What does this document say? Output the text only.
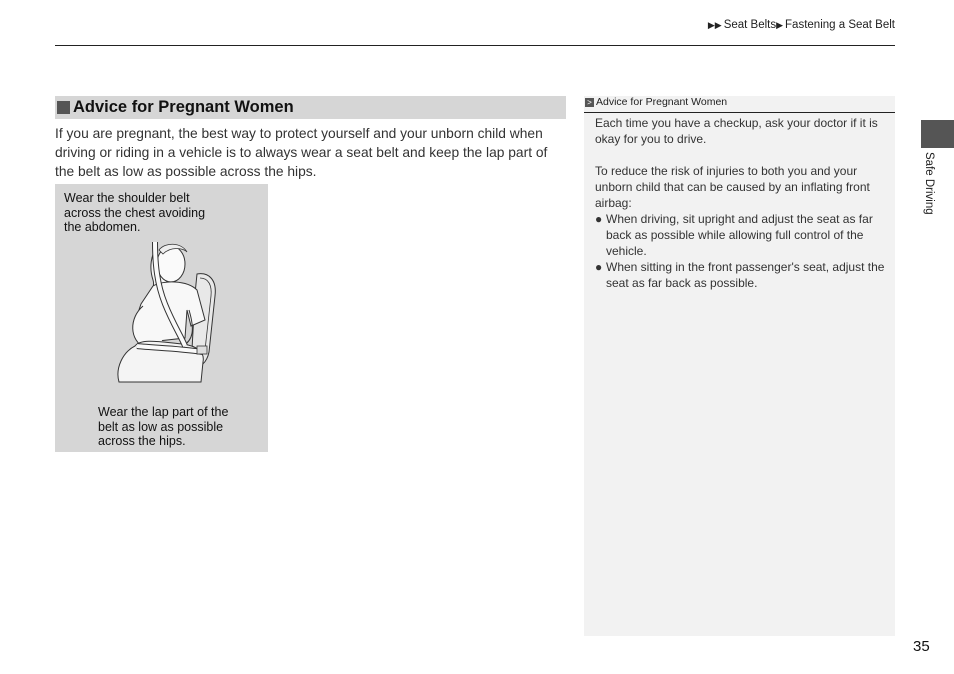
▶▶ Seat Belts▶ Fastening a Seat Belt
Advice for Pregnant Women

If you are pregnant, the best way to protect yourself and your unborn child when driving or riding in a vehicle is to always wear a seat belt and keep the lap part of the belt as low as possible across the hips.

Wear the shoulder belt
across the chest avoiding
the abdomen.
Wear the lap part of the
belt as low as possible
across the hips.
> Advice for Pregnant Women
Each time you have a checkup, ask your doctor if it is okay for you to drive.
To reduce the risk of injuries to both you and your unborn child that can be caused by an inflating front airbag:
● When driving, sit upright and adjust the seat as far back as possible while allowing full control of the vehicle.
● When sitting in the front passenger's seat, adjust the seat as far back as possible.
Safe Driving
35
